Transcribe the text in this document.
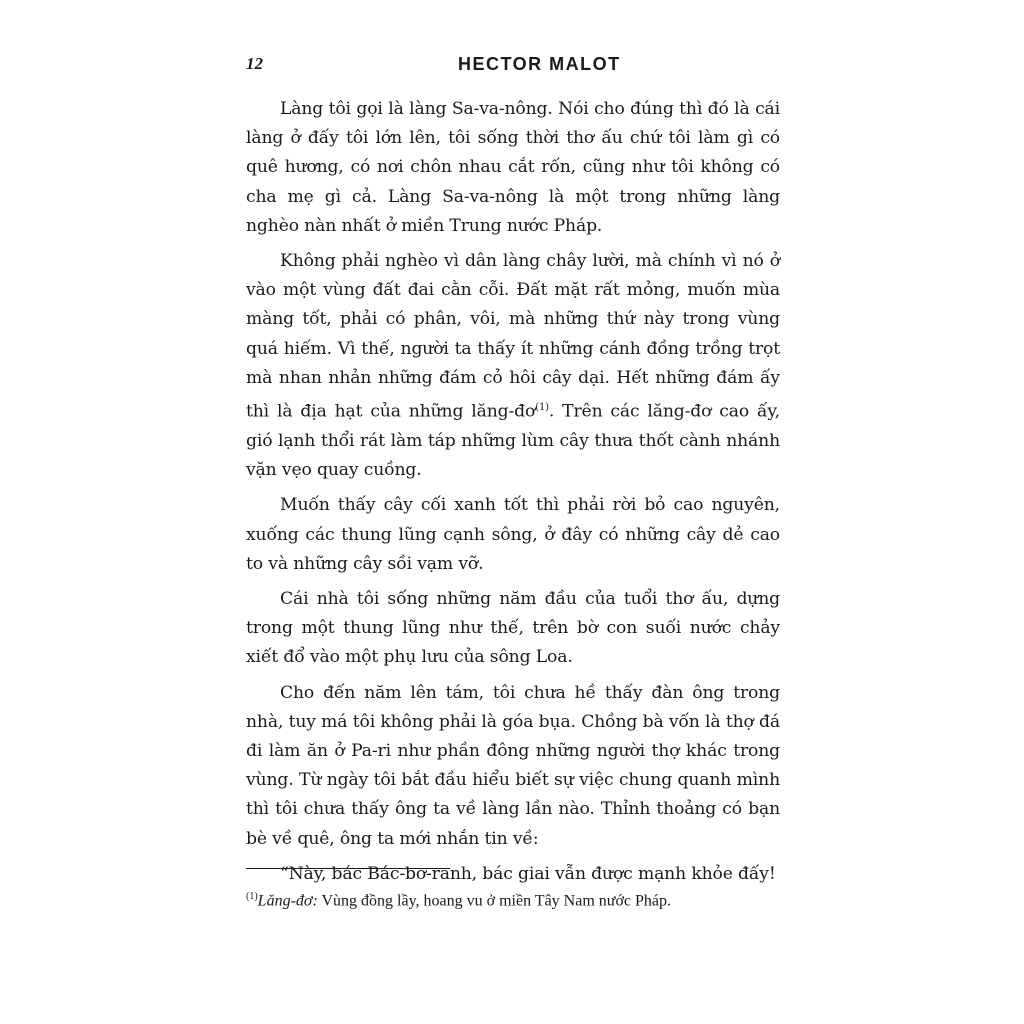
12	HECTOR MALOT

Làng tôi gọi là làng Sa-va-nông. Nói cho đúng thì đó là cái làng ở đấy tôi lớn lên, tôi sống thời thơ ấu chứ tôi làm gì có quê hương, có nơi chôn nhau cắt rốn, cũng như tôi không có cha mẹ gì cả. Làng Sa-va-nông là một trong những làng nghèo nàn nhất ở miền Trung nước Pháp.

Không phải nghèo vì dân làng chây lười, mà chính vì nó ở vào một vùng đất đai cằn cỗi. Đất mặt rất mỏng, muốn mùa màng tốt, phải có phân, vôi, mà những thứ này trong vùng quá hiếm. Vì thế, người ta thấy ít những cánh đồng trồng trọt mà nhan nhản những đám cỏ hôi cây dại. Hết những đám ấy thì là địa hạt của những lăng-đơ$^{(1)}$. Trên các lăng-đơ cao ấy, gió lạnh thổi rát làm táp những lùm cây thưa thốt cành nhánh vặn vẹo quay cuồng.

Muốn thấy cây cối xanh tốt thì phải rời bỏ cao nguyên, xuống các thung lũng cạnh sông, ở đây có những cây dẻ cao to và những cây sồi vạm vỡ.

Cái nhà tôi sống những năm đầu của tuổi thơ ấu, dựng trong một thung lũng như thế, trên bờ con suối nước chảy xiết đổ vào một phụ lưu của sông Loa.

Cho đến năm lên tám, tôi chưa hề thấy đàn ông trong nhà, tuy má tôi không phải là góa bụa. Chồng bà vốn là thợ đá đi làm ăn ở Pa-ri như phần đông những người thợ khác trong vùng. Từ ngày tôi bắt đầu hiểu biết sự việc chung quanh mình thì tôi chưa thấy ông ta về làng lần nào. Thỉnh thoảng có bạn bè về quê, ông ta mới nhắn tin về:

“Này, bác Bác-bơ-ranh, bác giai vẫn được mạnh khỏe đấy!

$^{(1)}$Lăng-đơ: Vùng đồng lầy, hoang vu ở miền Tây Nam nước Pháp.
